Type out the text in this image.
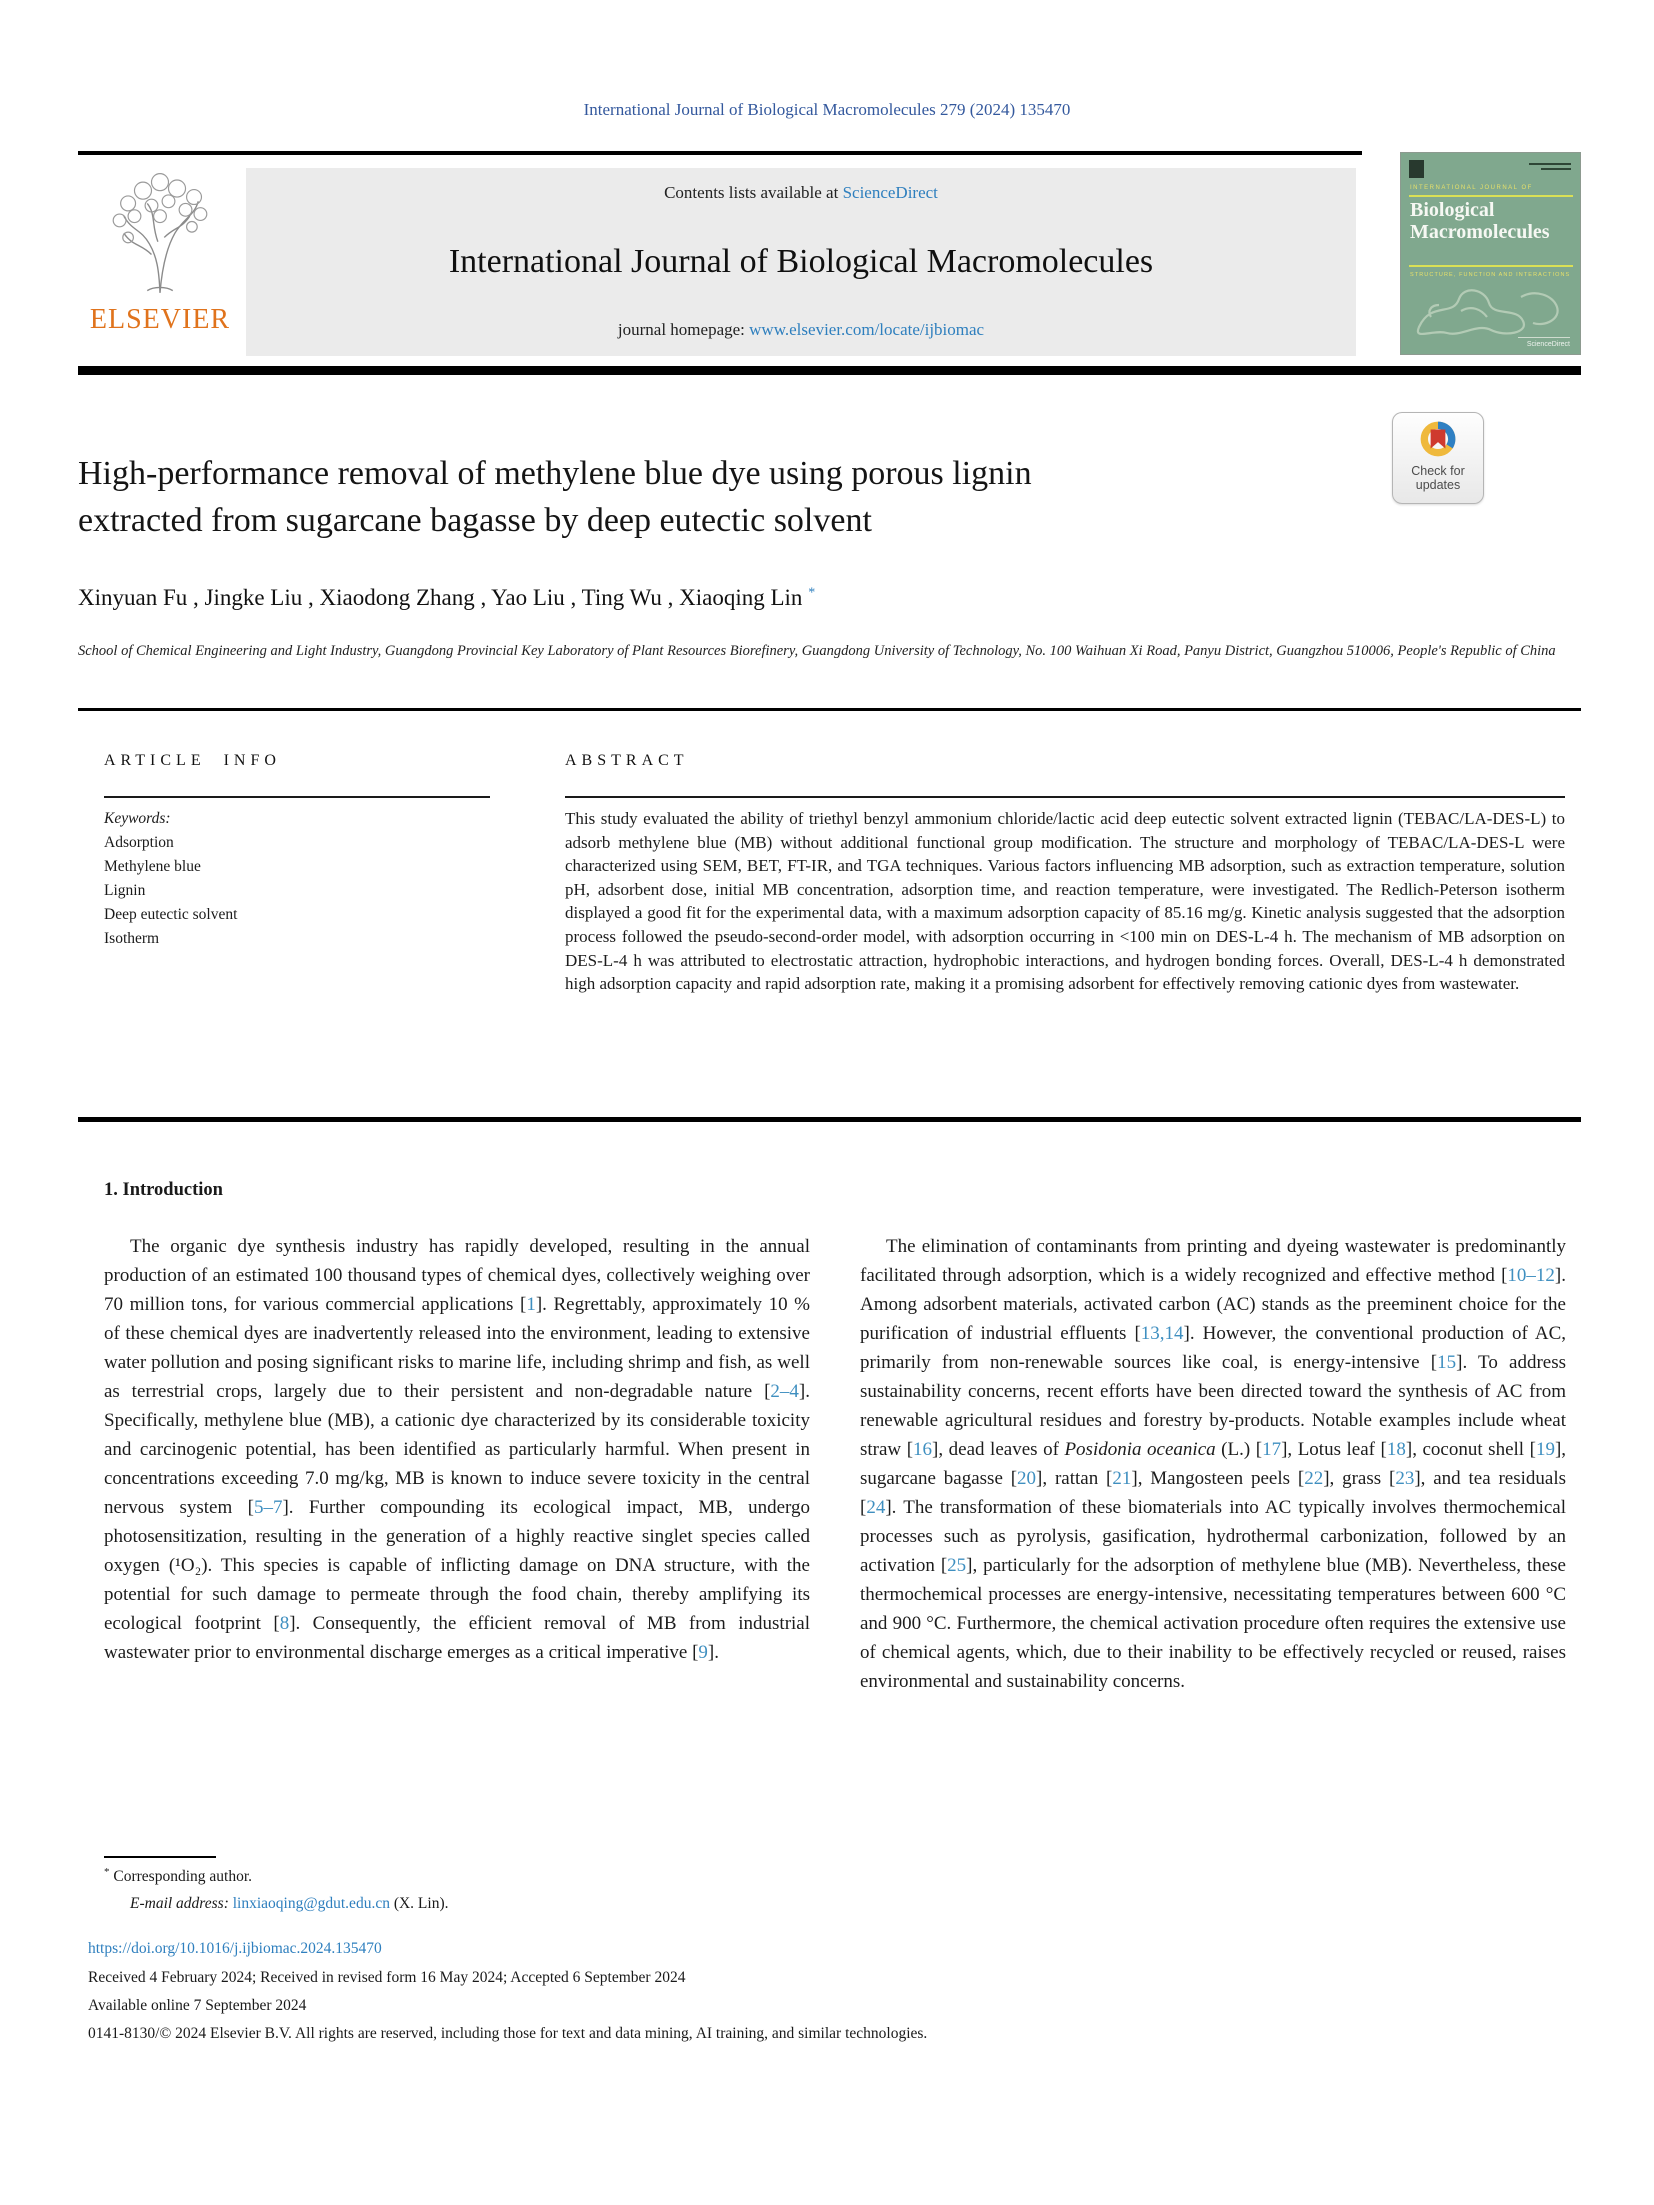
International Journal of Biological Macromolecules 279 (2024) 135470
ELSEVIER
Contents lists available at ScienceDirect
International Journal of Biological Macromolecules
journal homepage: www.elsevier.com/locate/ijbiomac
INTERNATIONAL JOURNAL OF
Biological
Macromolecules
STRUCTURE, FUNCTION AND INTERACTIONS
ScienceDirect
Check for
updates
High-performance removal of methylene blue dye using porous lignin
extracted from sugarcane bagasse by deep eutectic solvent
Xinyuan Fu , Jingke Liu , Xiaodong Zhang , Yao Liu , Ting Wu , Xiaoqing Lin *
School of Chemical Engineering and Light Industry, Guangdong Provincial Key Laboratory of Plant Resources Biorefinery, Guangdong University of Technology, No. 100 Waihuan Xi Road, Panyu District, Guangzhou 510006, People's Republic of China
ARTICLE INFO
Keywords:
Adsorption
Methylene blue
Lignin
Deep eutectic solvent
Isotherm
ABSTRACT
This study evaluated the ability of triethyl benzyl ammonium chloride/lactic acid deep eutectic solvent extracted lignin (TEBAC/LA-DES-L) to adsorb methylene blue (MB) without additional functional group modification. The structure and morphology of TEBAC/LA-DES-L were characterized using SEM, BET, FT-IR, and TGA techniques. Various factors influencing MB adsorption, such as extraction temperature, solution pH, adsorbent dose, initial MB concentration, adsorption time, and reaction temperature, were investigated. The Redlich-Peterson isotherm displayed a good fit for the experimental data, with a maximum adsorption capacity of 85.16 mg/g. Kinetic analysis suggested that the adsorption process followed the pseudo-second-order model, with adsorption occurring in <100 min on DES-L-4 h. The mechanism of MB adsorption on DES-L-4 h was attributed to electrostatic attraction, hydrophobic interactions, and hydrogen bonding forces. Overall, DES-L-4 h demonstrated high adsorption capacity and rapid adsorption rate, making it a promising adsorbent for effectively removing cationic dyes from wastewater.
1. Introduction

The organic dye synthesis industry has rapidly developed, resulting in the annual production of an estimated 100 thousand types of chemical dyes, collectively weighing over 70 million tons, for various commercial applications [1]. Regrettably, approximately 10 % of these chemical dyes are inadvertently released into the environment, leading to extensive water pollution and posing significant risks to marine life, including shrimp and fish, as well as terrestrial crops, largely due to their persistent and non-degradable nature [2–4]. Specifically, methylene blue (MB), a cationic dye characterized by its considerable toxicity and carcinogenic potential, has been identified as particularly harmful. When present in concentrations exceeding 7.0 mg/kg, MB is known to induce severe toxicity in the central nervous system [5–7]. Further compounding its ecological impact, MB, undergo photosensitization, resulting in the generation of a highly reactive singlet species called oxygen (¹O₂). This species is capable of inflicting damage on DNA structure, with the potential for such damage to permeate through the food chain, thereby amplifying its ecological footprint [8]. Consequently, the efficient removal of MB from industrial wastewater prior to environmental discharge emerges as a critical imperative [9].

The elimination of contaminants from printing and dyeing wastewater is predominantly facilitated through adsorption, which is a widely recognized and effective method [10–12]. Among adsorbent materials, activated carbon (AC) stands as the preeminent choice for the purification of industrial effluents [13,14]. However, the conventional production of AC, primarily from non-renewable sources like coal, is energy-intensive [15]. To address sustainability concerns, recent efforts have been directed toward the synthesis of AC from renewable agricultural residues and forestry by-products. Notable examples include wheat straw [16], dead leaves of Posidonia oceanica (L.) [17], Lotus leaf [18], coconut shell [19], sugarcane bagasse [20], rattan [21], Mangosteen peels [22], grass [23], and tea residuals [24]. The transformation of these biomaterials into AC typically involves thermochemical processes such as pyrolysis, gasification, hydrothermal carbonization, followed by an activation [25], particularly for the adsorption of methylene blue (MB). Nevertheless, these thermochemical processes are energy-intensive, necessitating temperatures between 600 °C and 900 °C. Furthermore, the chemical activation procedure often requires the extensive use of chemical agents, which, due to their inability to be effectively recycled or reused, raises environmental and sustainability concerns.

* Corresponding author.
E-mail address: linxiaoqing@gdut.edu.cn (X. Lin).
https://doi.org/10.1016/j.ijbiomac.2024.135470
Received 4 February 2024; Received in revised form 16 May 2024; Accepted 6 September 2024
Available online 7 September 2024
0141-8130/© 2024 Elsevier B.V. All rights are reserved, including those for text and data mining, AI training, and similar technologies.
